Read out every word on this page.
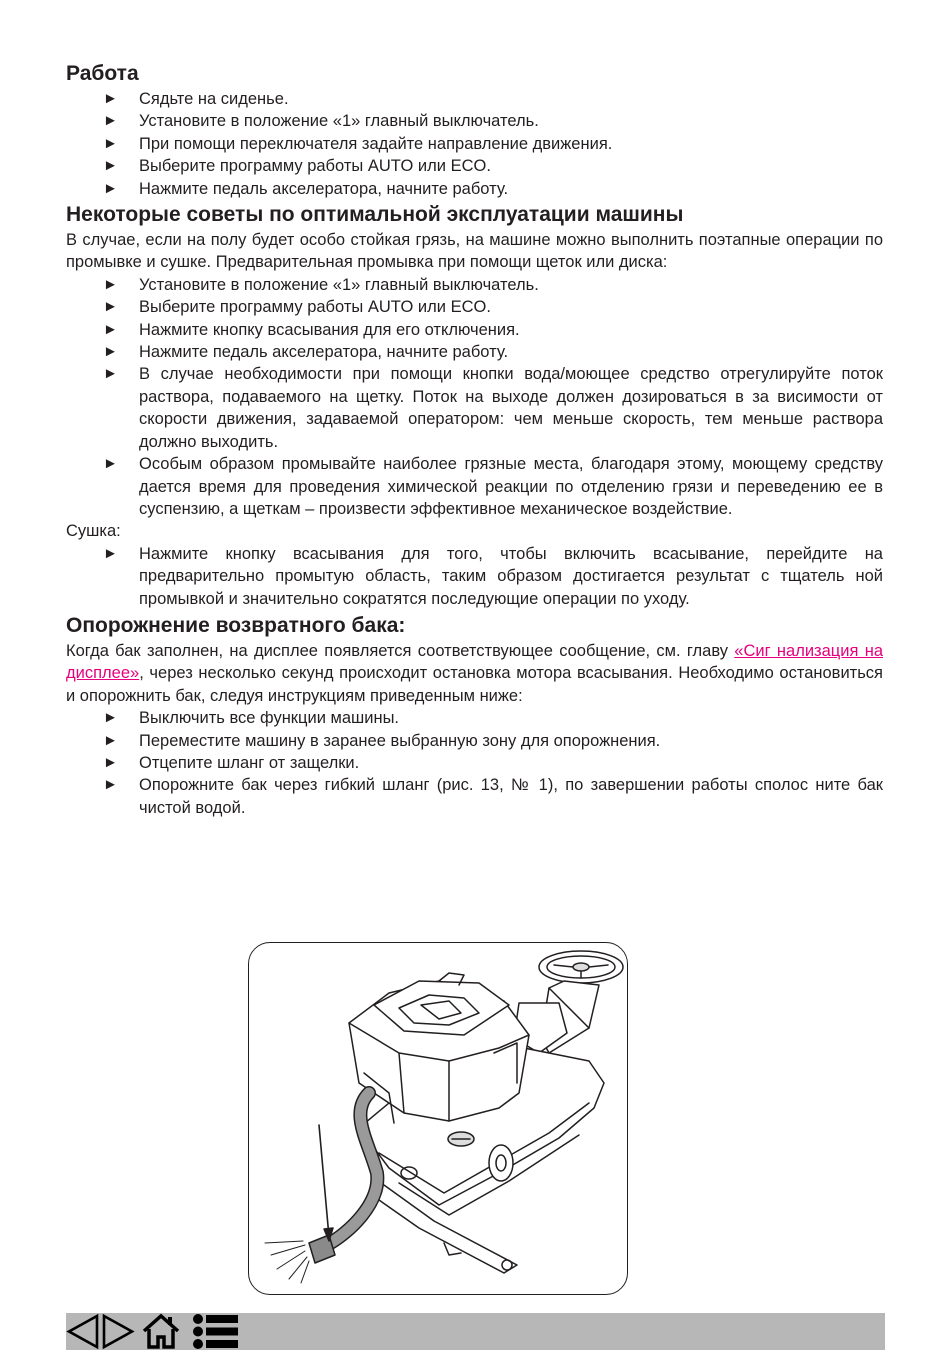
Работа
► Сядьте на сиденье.
► Установите в положение «1» главный выключатель.
► При помощи переключателя задайте направление движения.
► Выберите программу работы AUTO или ECO.
► Нажмите педаль акселератора, начните работу.
Некоторые советы по оптимальной эксплуатации машины

В случае, если на полу будет особо стойкая грязь, на машине можно выполнить поэтапные операции по промывке и сушке. Предварительная промывка при помощи щеток или диска:

► Установите в положение «1» главный выключатель.
► Выберите программу работы AUTO или ECO.
► Нажмите кнопку всасывания для его отключения.
► Нажмите педаль акселератора, начните работу.
► В случае необходимости при помощи кнопки вода/моющее средство отрегулируйте поток раствора, подаваемого на щетку. Поток на выходе должен дозироваться в за висимости от скорости движения, задаваемой оператором: чем меньше скорость, тем меньше раствора должно выходить.
► Особым образом промывайте наиболее грязные места, благодаря этому, моющему средству дается время для проведения химической реакции по отделению грязи и переведению ее в суспензию, а щеткам – произвести эффективное механическое воздействие.

Сушка:

► Нажмите кнопку всасывания для того, чтобы включить всасывание, перейдите на предварительно промытую область, таким образом достигается результат с тщатель ной промывкой и значительно сократятся последующие операции по уходу.
Опорожнение возвратного бака:

Когда бак заполнен, на дисплее появляется соответствующее сообщение, см. главу «Сиг нализация на дисплее», через несколько секунд происходит остановка мотора всасывания. Необходимо остановиться и опорожнить бак, следуя инструкциям приведенным ниже:

► Выключить все функции машины.
► Переместите машину в заранее выбранную зону для опорожнения.
► Отцепите шланг от защелки.
► Опорожните бак через гибкий шланг (рис. 13, № 1), по завершении работы сполос ните бак чистой водой.
